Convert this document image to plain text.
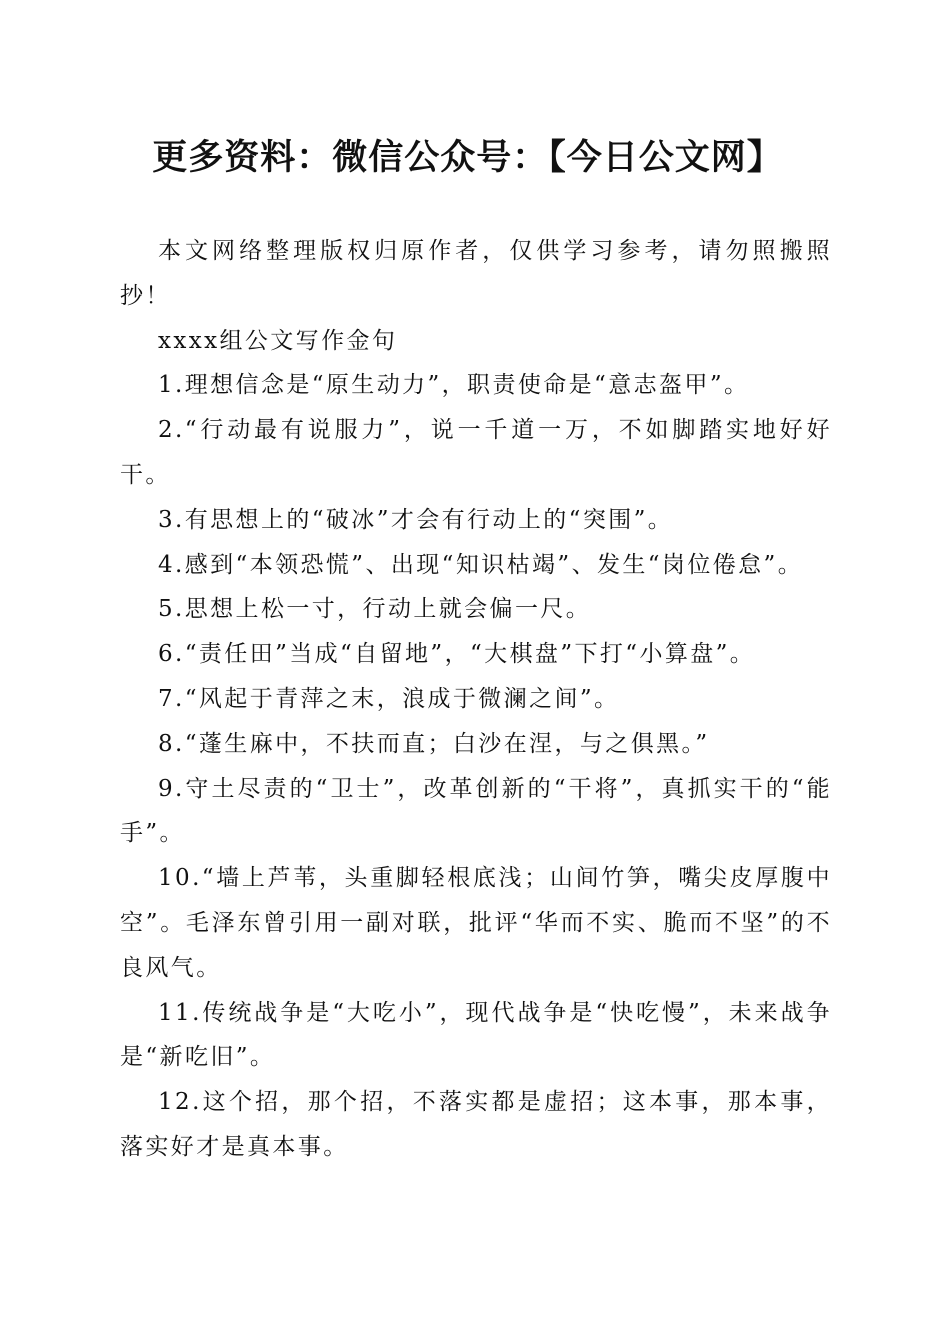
更多资料：微信公众号：【今日公文网】

本文网络整理版权归原作者，仅供学习参考，请勿照搬照抄！

xxxx组公文写作金句

1.理想信念是“原生动力”，职责使命是“意志盔甲”。

2.“行动最有说服力”，说一千道一万，不如脚踏实地好好干。

3.有思想上的“破冰”才会有行动上的“突围”。

4.感到“本领恐慌”、出现“知识枯竭”、发生“岗位倦怠”。

5.思想上松一寸，行动上就会偏一尺。

6.“责任田”当成“自留地”，“大棋盘”下打“小算盘”。

7.“风起于青萍之末，浪成于微澜之间”。

8.“蓬生麻中，不扶而直；白沙在涅，与之俱黑。”

9.守土尽责的“卫士”，改革创新的“干将”，真抓实干的“能手”。

10.“墙上芦苇，头重脚轻根底浅；山间竹笋，嘴尖皮厚腹中空”。毛泽东曾引用一副对联，批评“华而不实、脆而不坚”的不良风气。

11.传统战争是“大吃小”，现代战争是“快吃慢”，未来战争是“新吃旧”。

12.这个招，那个招，不落实都是虚招；这本事，那本事，落实好才是真本事。
